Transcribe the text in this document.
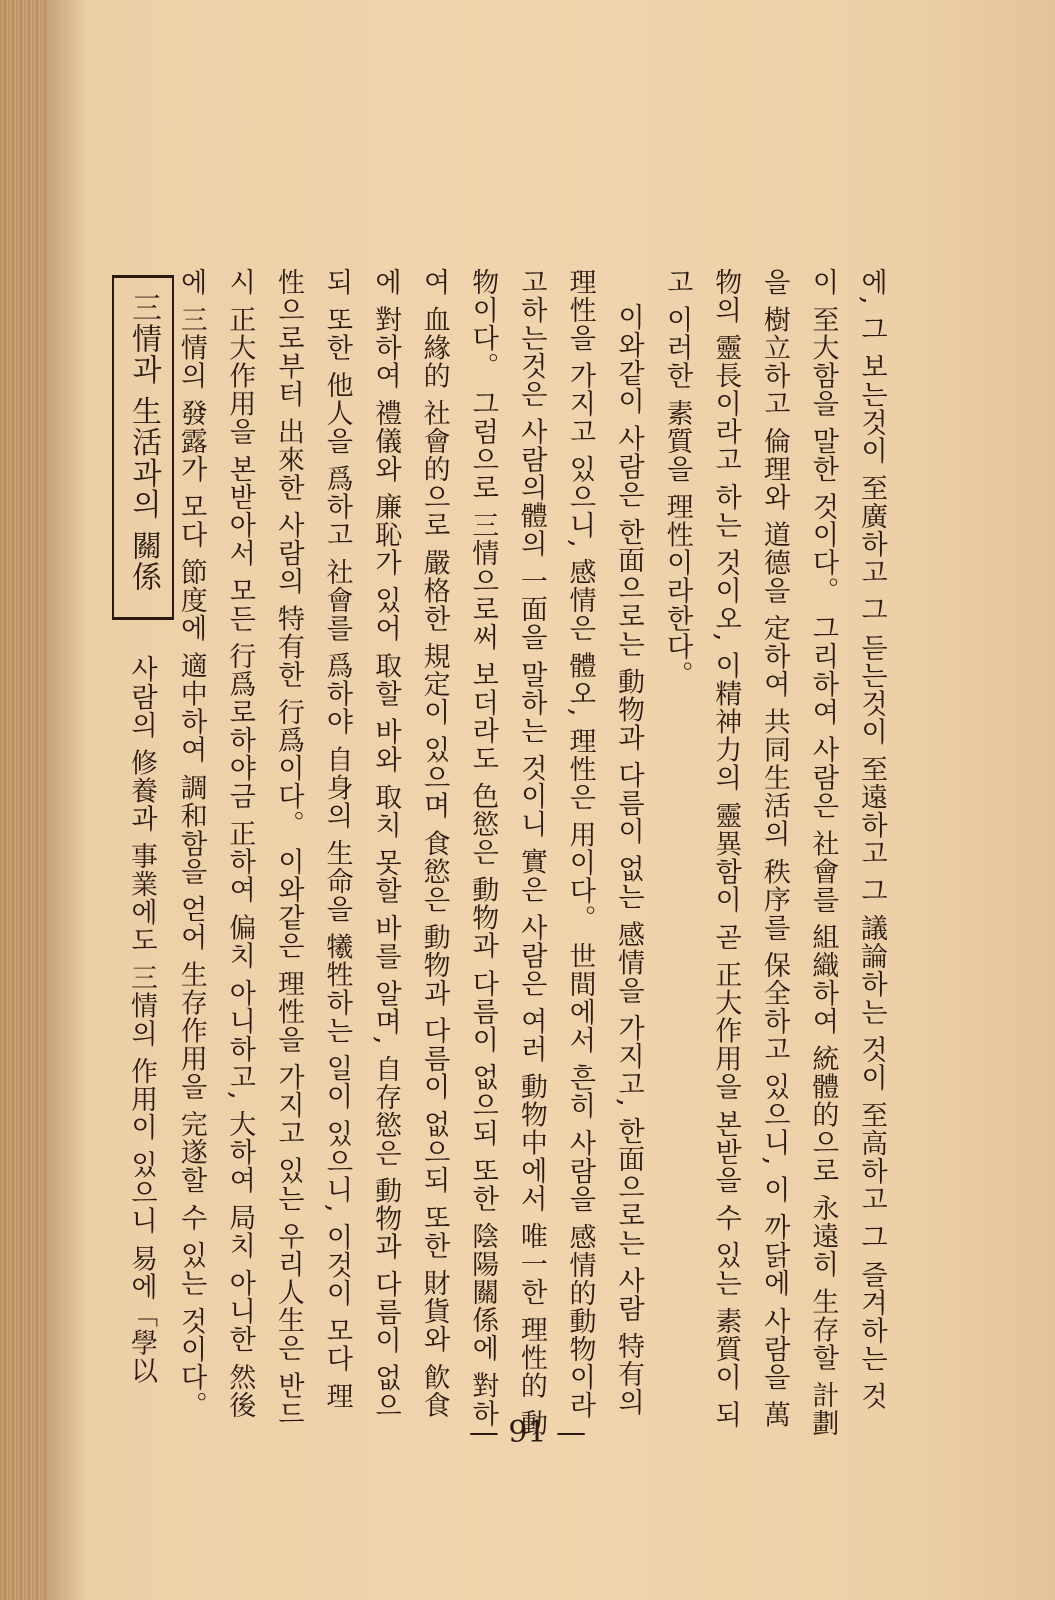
에, 그 보는것이 至廣하고 그 듣는것이 至遠하고 그 議論하는 것이 至高하고 그 즐겨하는 것이 至大함을 말한 것이다。 그리하여 사람은 社會를 組織하여 統體的으로 永遠히 生存할 計劃을 樹立하고 倫理와 道德을 定하여 共同生活의 秩序를 保全하고 있으니, 이 까닭에 사람을 萬物의 靈長이라고 하는 것이오, 이精神力의 靈異함이 곧 正大作用을 본받을 수 있는 素質이 되고 이러한 素質을 理性이라한다。

이와같이 사람은 한面으로는 動物과 다름이 없는 感情을 가지고, 한面으로는 사람 特有의 理性을 가지고 있으니, 感情은 體오, 理性은 用이다。 世間에서 흔히 사람을 感情的動物이라고하는것은 사람의體의 一面을 말하는 것이니 實은 사람은 여러 動物中에서 唯一한 理性的 動物이다。 그럼으로 三情으로써 보더라도 色慾은 動物과 다름이 없으되 또한 陰陽關係에 對하여 血緣的 社會的으로 嚴格한 規定이 있으며 食慾은 動物과 다름이 없으되 또한 財貨와 飮食에 對하여 禮儀와 廉恥가 있어 取할 바와 取치 못할 바를 알며, 自存慾은 動物과 다름이 없으되 또한 他人을 爲하고 社會를 爲하야 自身의 生命을 犧牲하는 일이 있으니, 이것이 모다 理性으로부터 出來한 사람의 特有한 行爲이다。 이와같은 理性을 가지고 있는 우리人生은 반드시 正大作用을 본받아서 모든 行爲로하야금 正하여 偏치 아니하고, 大하여 局치 아니한 然後에 三情의 發露가 모다 節度에 適中하여 調和함을 얻어 生存作用을 完遂할 수 있는 것이다。

三情과 生活과의 關係
사람의 修養과 事業에도 三情의 作用이 있으니 易에「學以
— 91 —
